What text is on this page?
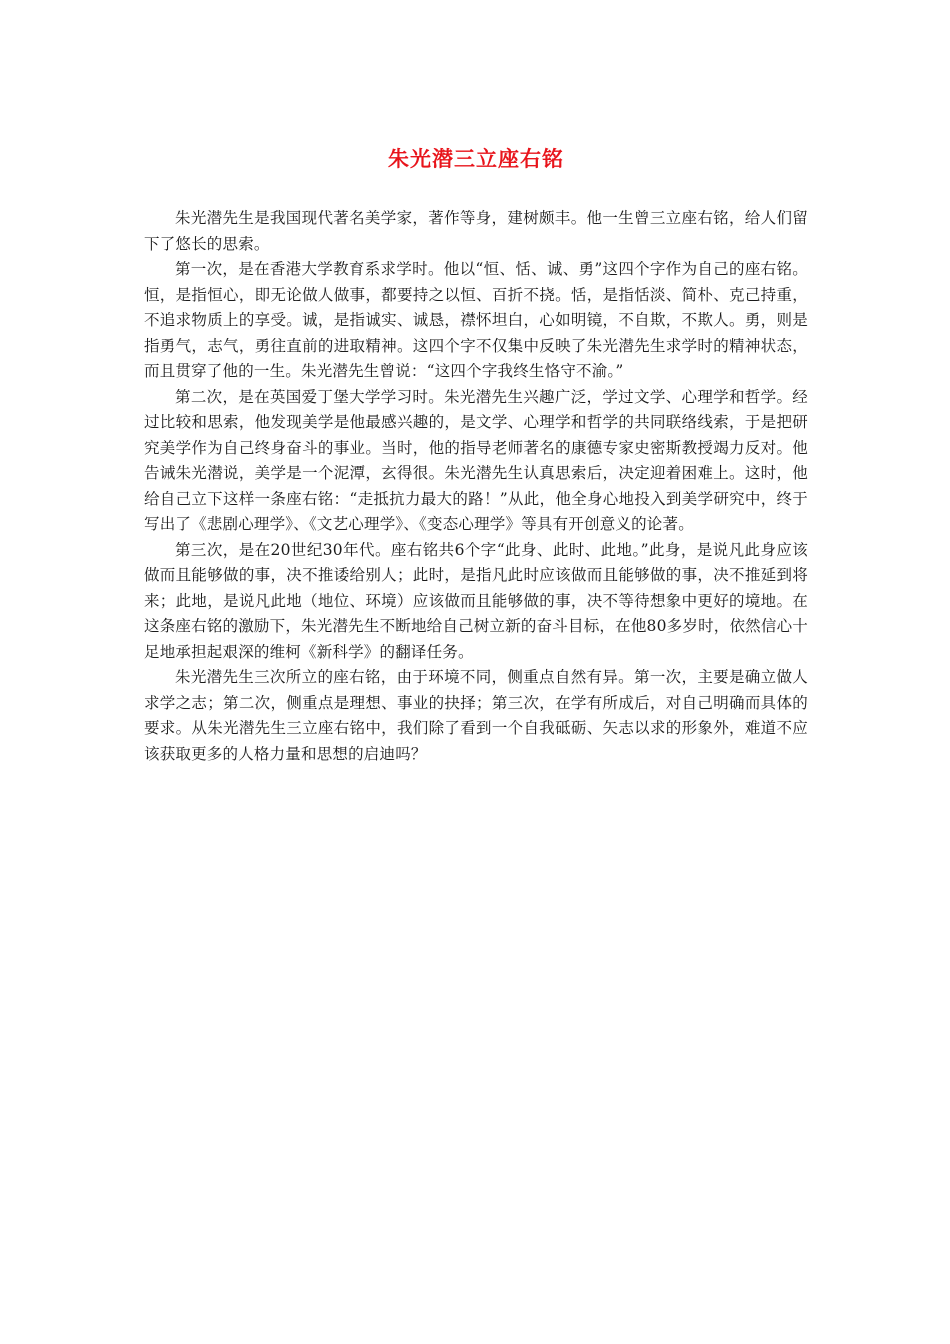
朱光潜三立座右铭

朱光潜先生是我国现代著名美学家，著作等身，建树颇丰。他一生曾三立座右铭，给人们留下了悠长的思索。

第一次，是在香港大学教育系求学时。他以“恒、恬、诚、勇”这四个字作为自己的座右铭。恒，是指恒心，即无论做人做事，都要持之以恒、百折不挠。恬，是指恬淡、简朴、克己持重，不追求物质上的享受。诚，是指诚实、诚恳，襟怀坦白，心如明镜，不自欺，不欺人。勇，则是指勇气，志气，勇往直前的进取精神。这四个字不仅集中反映了朱光潜先生求学时的精神状态，而且贯穿了他的一生。朱光潜先生曾说：“这四个字我终生恪守不渝。”

第二次，是在英国爱丁堡大学学习时。朱光潜先生兴趣广泛，学过文学、心理学和哲学。经过比较和思索，他发现美学是他最感兴趣的，是文学、心理学和哲学的共同联络线索，于是把研究美学作为自己终身奋斗的事业。当时，他的指导老师著名的康德专家史密斯教授竭力反对。他告诫朱光潜说，美学是一个泥潭，玄得很。朱光潜先生认真思索后，决定迎着困难上。这时，他给自己立下这样一条座右铭：“走抵抗力最大的路！”从此，他全身心地投入到美学研究中，终于写出了《悲剧心理学》、《文艺心理学》、《变态心理学》等具有开创意义的论著。

第三次，是在20世纪30年代。座右铭共6个字“此身、此时、此地。”此身，是说凡此身应该做而且能够做的事，决不推诿给别人；此时，是指凡此时应该做而且能够做的事，决不推延到将来；此地，是说凡此地（地位、环境）应该做而且能够做的事，决不等待想象中更好的境地。在这条座右铭的激励下，朱光潜先生不断地给自己树立新的奋斗目标，在他80多岁时，依然信心十足地承担起艰深的维柯《新科学》的翻译任务。

朱光潜先生三次所立的座右铭，由于环境不同，侧重点自然有异。第一次，主要是确立做人求学之志；第二次，侧重点是理想、事业的抉择；第三次，在学有所成后，对自己明确而具体的要求。从朱光潜先生三立座右铭中，我们除了看到一个自我砥砺、矢志以求的形象外，难道不应该获取更多的人格力量和思想的启迪吗？
